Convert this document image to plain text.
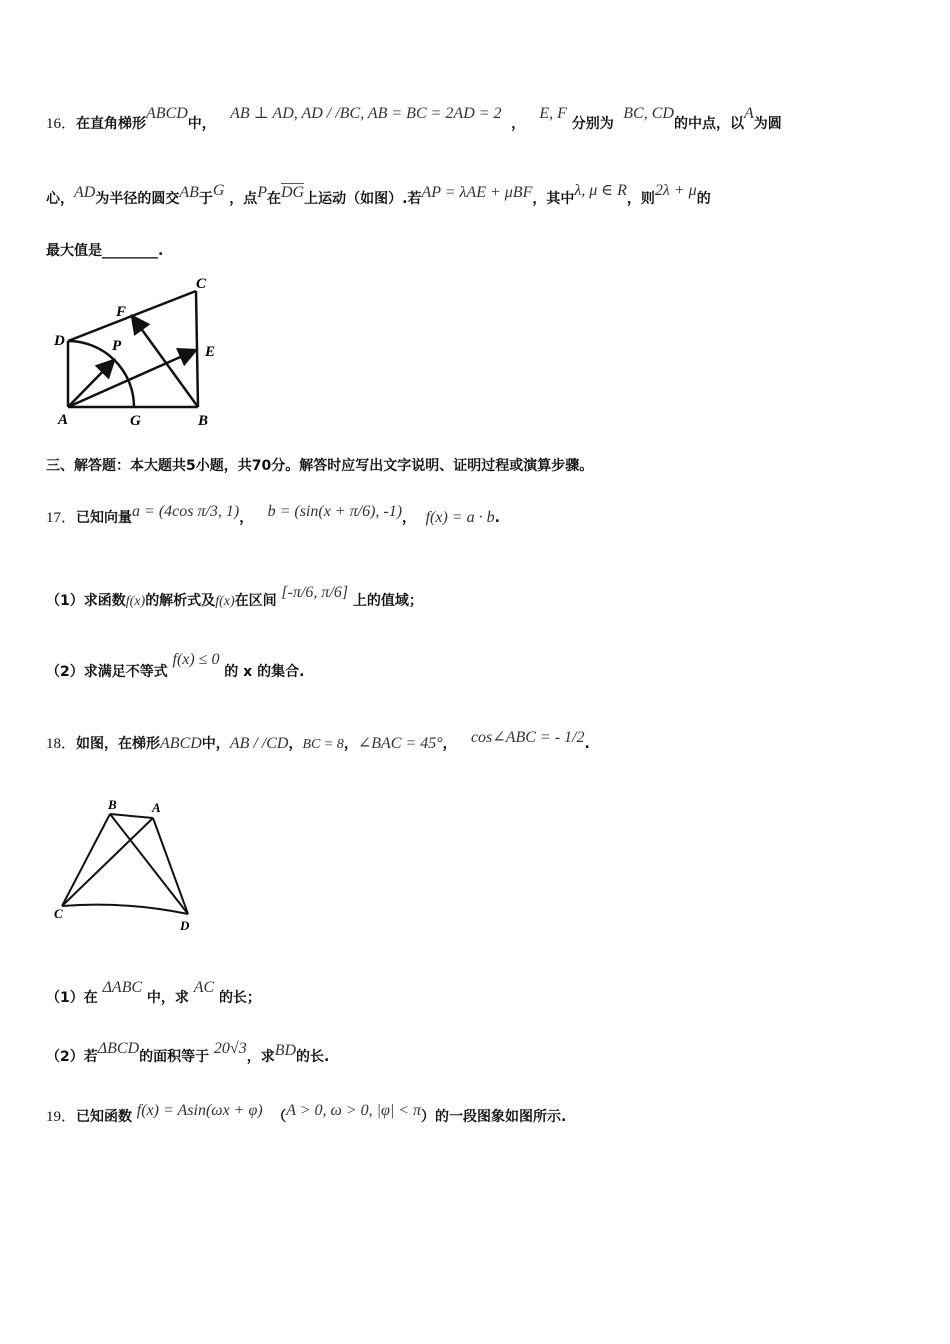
16．在直角梯形ABCD中，   AB ⊥ AD, AD / /BC, AB = BC = 2AD = 2  ，   E, F 分别为  BC, CD的中点，以A为圆
心，AD为半径的圆交AB于G ，点P在DG上运动（如图）.若AP = λAE + μBF，其中λ, μ ∈ R，则2λ + μ的
最大值是________.
D
A	G	B
C
E
F
P
三、解答题：本大题共5小题，共70分。解答时应写出文字说明、证明过程或演算步骤。
17．已知向量a = (4cos π/3, 1)， b = (sin(x + π/6), -1)， f(x) = a · b.
（1）求函数f(x)的解析式及f(x)在区间 [-π/6, π/6] 上的值域；
（2）求满足不等式 f(x) ≤ 0 的 x 的集合.
18．如图，在梯形ABCD中，AB / /CD，BC = 8，∠BAC = 45°， cos∠ABC = - 1/2.
B	A
C
D
（1）在 ΔABC 中，求 AC 的长；
（2）若ΔBCD的面积等于 20√3，求BD的长.
19．已知函数 f(x) = Asin(ωx + φ) （A > 0, ω > 0, |φ| < π）的一段图象如图所示.
